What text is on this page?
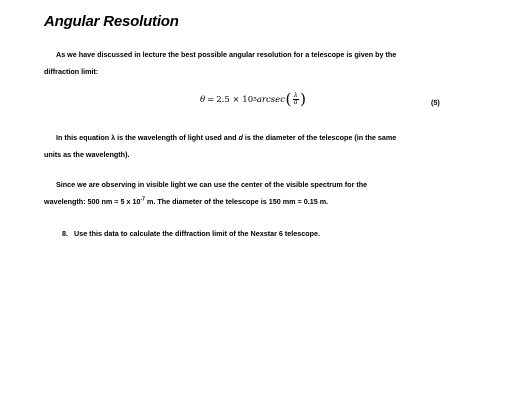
Angular Resolution

As we have discussed in lecture the best possible angular resolution for a telescope is given by the
diffraction limit:

θ = 2.5 × 10 5 arcsec ( $\frac{\lambda}{d}$ )	(5)

In this equation λ is the wavelength of light used and d is the diameter of the telescope (in the same
units as the wavelength).

Since we are observing in visible light we can use the center of the visible spectrum for the
wavelength: 500 nm = 5 x $10^{-7}$ m. The diameter of the telescope is 150 mm = 0.15 m.

8. Use this data to calculate the diffraction limit of the Nexstar 6 telescope.
